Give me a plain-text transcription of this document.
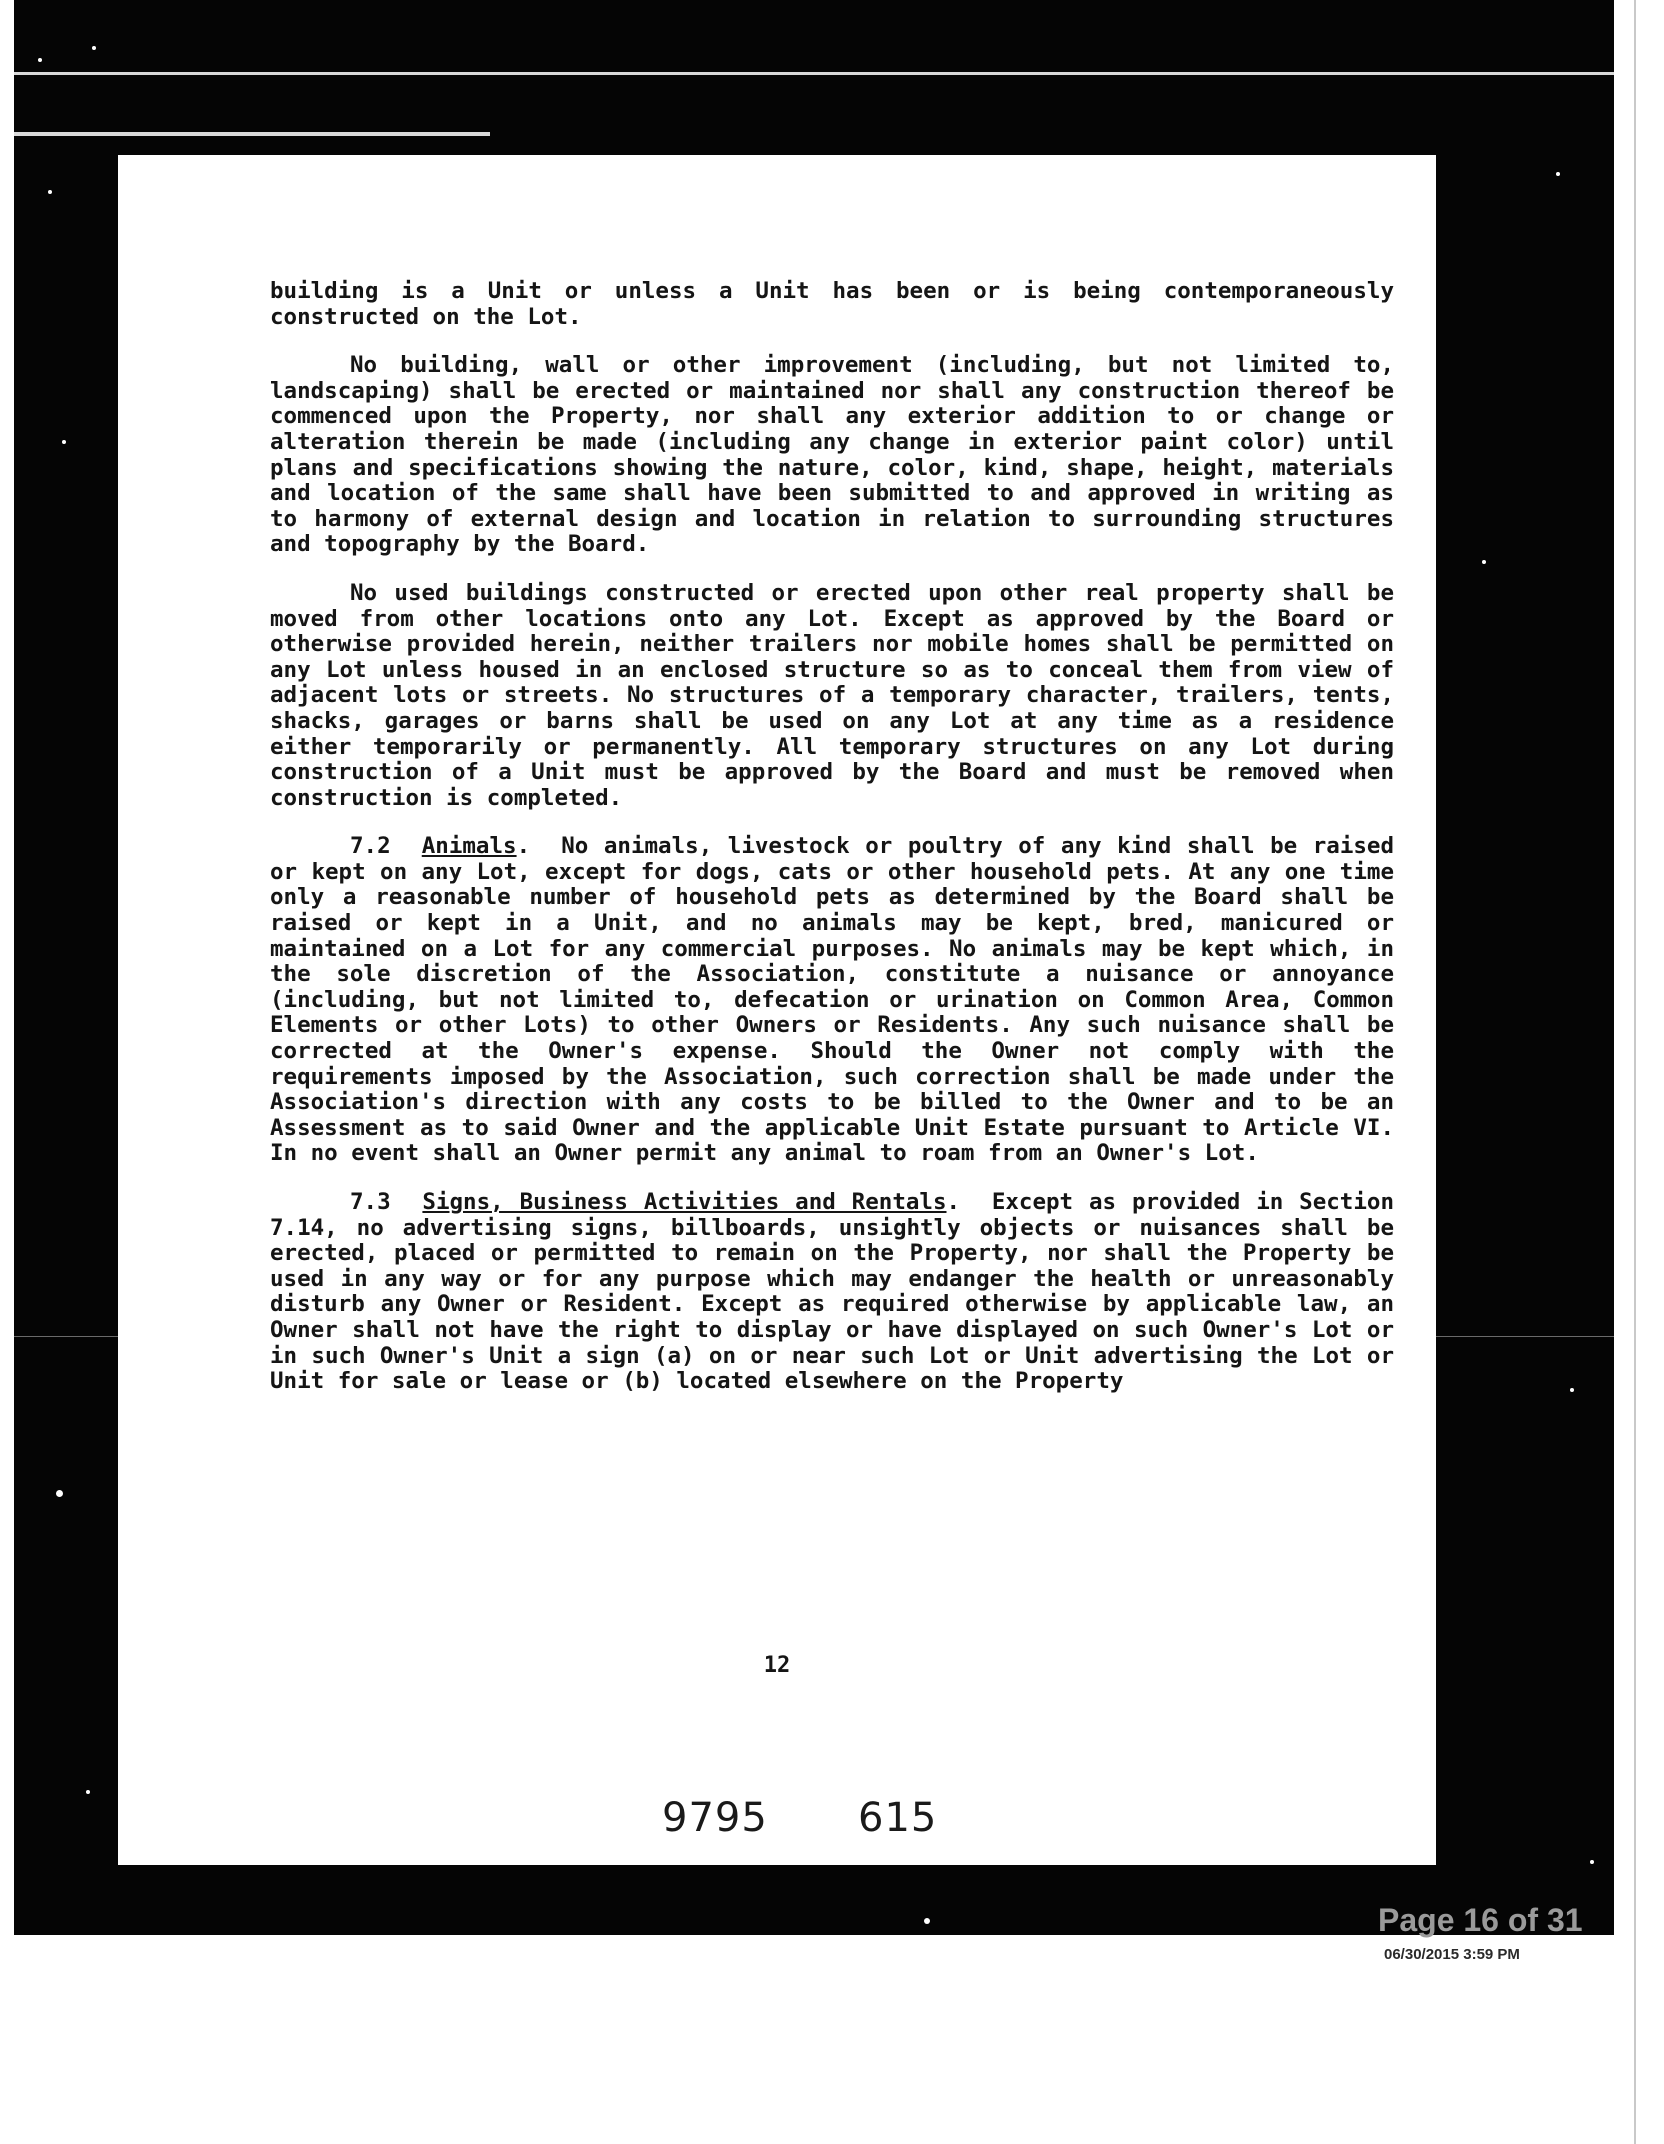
building is a Unit or unless a Unit has been or is being contemporaneously constructed on the Lot.

No building, wall or other improvement (including, but not limited to, landscaping) shall be erected or maintained nor shall any construction thereof be commenced upon the Property, nor shall any exterior addition to or change or alteration therein be made (including any change in exterior paint color) until plans and specifications showing the nature, color, kind, shape, height, materials and location of the same shall have been submitted to and approved in writing as to harmony of external design and location in relation to surrounding structures and topography by the Board.

No used buildings constructed or erected upon other real property shall be moved from other locations onto any Lot. Except as approved by the Board or otherwise provided herein, neither trailers nor mobile homes shall be permitted on any Lot unless housed in an enclosed structure so as to conceal them from view of adjacent lots or streets. No structures of a temporary character, trailers, tents, shacks, garages or barns shall be used on any Lot at any time as a residence either temporarily or permanently. All temporary structures on any Lot during construction of a Unit must be approved by the Board and must be removed when construction is completed.

7.2 Animals.  No animals, livestock or poultry of any kind shall be raised or kept on any Lot, except for dogs, cats or other household pets. At any one time only a reasonable number of household pets as determined by the Board shall be raised or kept in a Unit, and no animals may be kept, bred, manicured or maintained on a Lot for any commercial purposes. No animals may be kept which, in the sole discretion of the Association, constitute a nuisance or annoyance (including, but not limited to, defecation or urination on Common Area, Common Elements or other Lots) to other Owners or Residents. Any such nuisance shall be corrected at the Owner's expense. Should the Owner not comply with the requirements imposed by the Association, such correction shall be made under the Association's direction with any costs to be billed to the Owner and to be an Assessment as to said Owner and the applicable Unit Estate pursuant to Article VI. In no event shall an Owner permit any animal to roam from an Owner's Lot.

7.3 Signs, Business Activities and Rentals.  Except as provided in Section 7.14, no advertising signs, billboards, unsightly objects or nuisances shall be erected, placed or permitted to remain on the Property, nor shall the Property be used in any way or for any purpose which may endanger the health or unreasonably disturb any Owner or Resident. Except as required otherwise by applicable law, an Owner shall not have the right to display or have displayed on such Owner's Lot or in such Owner's Unit a sign (a) on or near such Lot or Unit advertising the Lot or Unit for sale or lease or (b) located elsewhere on the Property

12
9795 615
Page 16 of 31
06/30/2015 3:59 PM
